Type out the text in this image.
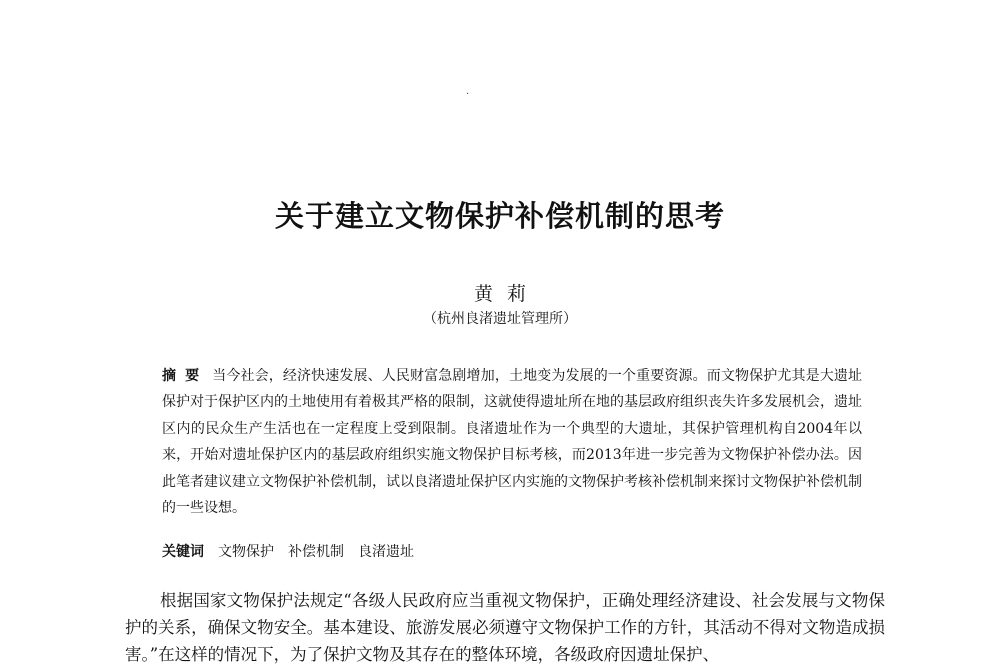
·
关于建立文物保护补偿机制的思考
黄莉
（杭州良渚遗址管理所）
摘要 当今社会，经济快速发展、人民财富急剧增加，土地变为发展的一个重要资源。而文物保护尤其是大遗址保护对于保护区内的土地使用有着极其严格的限制，这就使得遗址所在地的基层政府组织丧失许多发展机会，遗址区内的民众生产生活也在一定程度上受到限制。良渚遗址作为一个典型的大遗址，其保护管理机构自2004年以来，开始对遗址保护区内的基层政府组织实施文物保护目标考核，而2013年进一步完善为文物保护补偿办法。因此笔者建议建立文物保护补偿机制，试以良渚遗址保护区内实施的文物保护考核补偿机制来探讨文物保护补偿机制的一些设想。
关键词 文物保护 补偿机制 良渚遗址
根据国家文物保护法规定“各级人民政府应当重视文物保护，正确处理经济建设、社会发展与文物保护的关系，确保文物安全。基本建设、旅游发展必须遵守文物保护工作的方针，其活动不得对文物造成损害。”在这样的情况下，为了保护文物及其存在的整体环境，各级政府因遗址保护、
